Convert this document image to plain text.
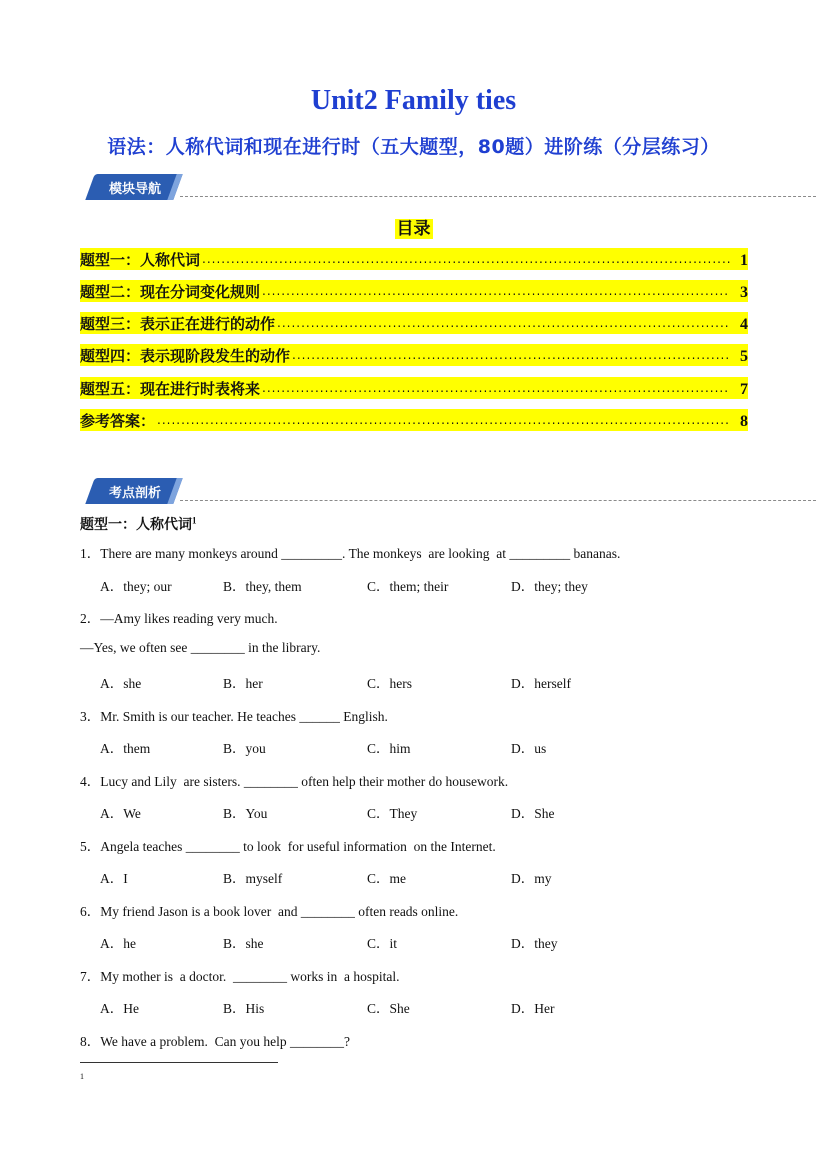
Unit2 Family ties
语法：人称代词和现在进行时（五大题型，80题）进阶练（分层练习）
模块导航
目录
题型一：人称代词 .....	1
题型二：现在分词变化规则 .....	3
题型三：表示正在进行的动作 .....	4
题型四：表示现阶段发生的动作 .....	5
题型五：现在进行时表将来 .....	7
参考答案： .....	8
考点剖析
题型一：人称代词$^1$
1．There are many monkeys around _________. The monkeys  are looking  at _________ bananas.
A．they; our	B．they, them	C．them; their	D．they; they
2．—Amy likes reading very much.
—Yes, we often see ________ in the library.
A．she	B．her	C．hers	D．herself
3．Mr. Smith is our teacher. He teaches ______ English.
A．them	B．you	C．him	D．us
4．Lucy and Lily  are sisters. ________ often help their mother do housework.
A．We	B．You	C．They	D．She
5．Angela teaches ________ to look  for useful information  on the Internet.
A．I	B．myself	C．me	D．my
6．My friend Jason is a book lover  and ________ often reads online.
A．he	B．she	C．it	D．they
7．My mother is  a doctor.  ________ works in  a hospital.
A．He	B．His	C．She	D．Her
8．We have a problem.  Can you help ________?
1
